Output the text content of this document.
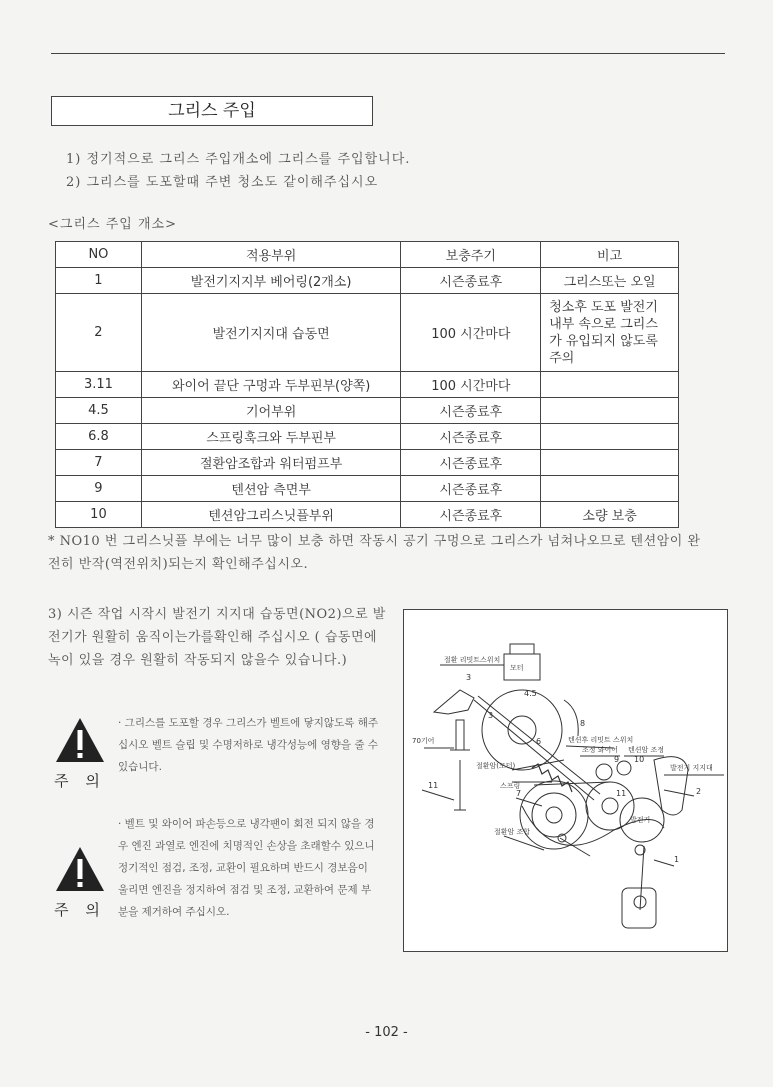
그리스 주입
1) 정기적으로 그리스 주입개소에 그리스를 주입합니다.
2) 그리스를 도포할때 주변 청소도 같이해주십시오
<그리스 주입 개소>
NO	적용부위	보충주기	비고
1	발전기지지부 베어링(2개소)	시즌종료후	그리스또는 오일
2	발전기지지대 습동면	100 시간마다	청소후 도포 발전기 내부 속으로 그리스가 유입되지 않도록 주의
3.11	와이어 끝단 구멍과 두부핀부(양쪽)	100 시간마다	
4.5	기어부위	시즌종료후	
6.8	스프링훅크와 두부핀부	시즌종료후	
7	절환암조합과 워터펌프부	시즌종료후	
9	텐션암 측면부	시즌종료후	
10	텐션암그리스닛플부위	시즌종료후	소량 보충
* NO10 번 그리스닛플 부에는 너무 많이 보충 하면 작동시 공기 구멍으로 그리스가 넘쳐나오므로 텐션암이 완전히 반작(역전위치)되는지 확인해주십시오.
3) 시즌 작업 시작시 발전기 지지대 습동면(NO2)으로 발전기가 원활히 움직이는가를확인해 주십시오 ( 습동면에 녹이 있을 경우 원활히 작동되지 않을수 있습니다.)
주 의
· 그리스를 도포할 경우 그리스가 벨트에 닿지않도록 해주십시오 벨트 슬립 및 수명저하로 냉각성능에 영향을 줄 수 있습니다.
주 의
· 벨트 및 와이어 파손등으로 냉각팬이 회전 되지 않을 경우 엔진 과열로 엔진에 치명적인 손상을 초래할수 있으니 정기적인 점검, 조정, 교환이 필요하며 반드시 경보음이 울리면 엔진을 정지하여 점검 및 조정, 교환하여 문제 부분을 제거하여 주십시오.
절환 리밋트스위치
모터
70기어	텐션후 리밋트 스위치
조정 와이어 텐션암 조정
절환암(모터)	발전기 지지대
스프링
발전기
절환암 조합
1
2
3
4.5
6
7
8
9 10
11
11
3
- 102 -
